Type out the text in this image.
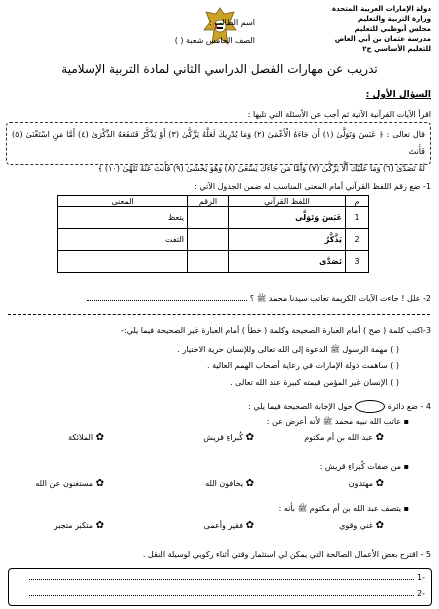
دولة الإمارات العربية المتحدة
وزارة التربية والتعليم
مجلس أبوظبي للتعليم
مدرسة عثمان بن أبي العاص للتعليم الأساسي ح٢
اسم الطالب :
الصف الخامس شعبة ( )
تدريب عن مهارات الفصل الدراسي الثاني لمادة التربية الإسلامية
السؤال الأول :
اقرأ الآيات القرآنية الآتية ثم أجب عن الأسئلة التي تليها :
قال تعالى : ﴿ عَبَسَ وَتَوَلَّىٰ (١) أَن جَاءَهُ الْأَعْمَىٰ (٢) وَمَا يُدْرِيكَ لَعَلَّهُ يَزَّكَّىٰ (٣) أَوْ يَذَّكَّرُ فَتَنفَعَهُ الذِّكْرَىٰ (٤) أَمَّا مَنِ اسْتَغْنَىٰ (٥) فَأَنتَ
لَهُ تَصَدَّىٰ (٦) وَمَا عَلَيْكَ أَلَّا يَزَّكَّىٰ (٧) وَأَمَّا مَن جَاءَكَ يَسْعَىٰ (٨) وَهُوَ يَخْشَىٰ (٩) فَأَنتَ عَنْهُ تَلَهَّىٰ (١٠) ﴾
1- ضع رقم اللفظ القرآني أمام المعنى المناسب له ضمن الجدول الآتي :
م	اللفظ القرآني	الرقم	المعنى
1	عَبَسَ وَتَوَلَّى		يتعظ
2	يَذَّكَّرُ		التفت
3	تَصَدَّى		
2- علل ! جاءت الآيات الكريمة تعاتب سيدنا محمد ﷺ ؟
3-اكتب كلمة ( صح ) أمام العبارة الصحيحة وكلمة ( خطأ ) أمام العبارة غير الصحيحة فيما يلي:-
( ) مهمة الرسول ﷺ الدعوة إلى الله تعالى وللإنسان حرية الاختيار .
( ) ساهمت دولة الإمارات في رعاية أصحاب الهمم العالية .
( ) الإنسان غير المؤمن قيمته كبيرة عند الله تعالى .
4 - ضع دائرة  حول الإجابة الصحيحة فيما يلي :
▪ عاتب الله نبيه محمد ﷺ لأنه أعرض عن :
✿ عبد الله بن أم مكتوم
✿ كُبراءِ قريش
✿ الملائكة
▪ من صفات كُبراءِ قريش :
✿ مهتدون
✿ يخافون الله
✿ مستغنون عن الله
▪ يتصف عبد الله بن أم مكتوم ﷺ بأنه :
✿ غني وقوي
✿ فقير وأعمى
✿ متكبر متجبر
5 - اقترح بعض الأعمال الصالحة التي يمكن لي استثمار وقتي أثناء ركوبي لوسيلة النقل .
-1
-2
